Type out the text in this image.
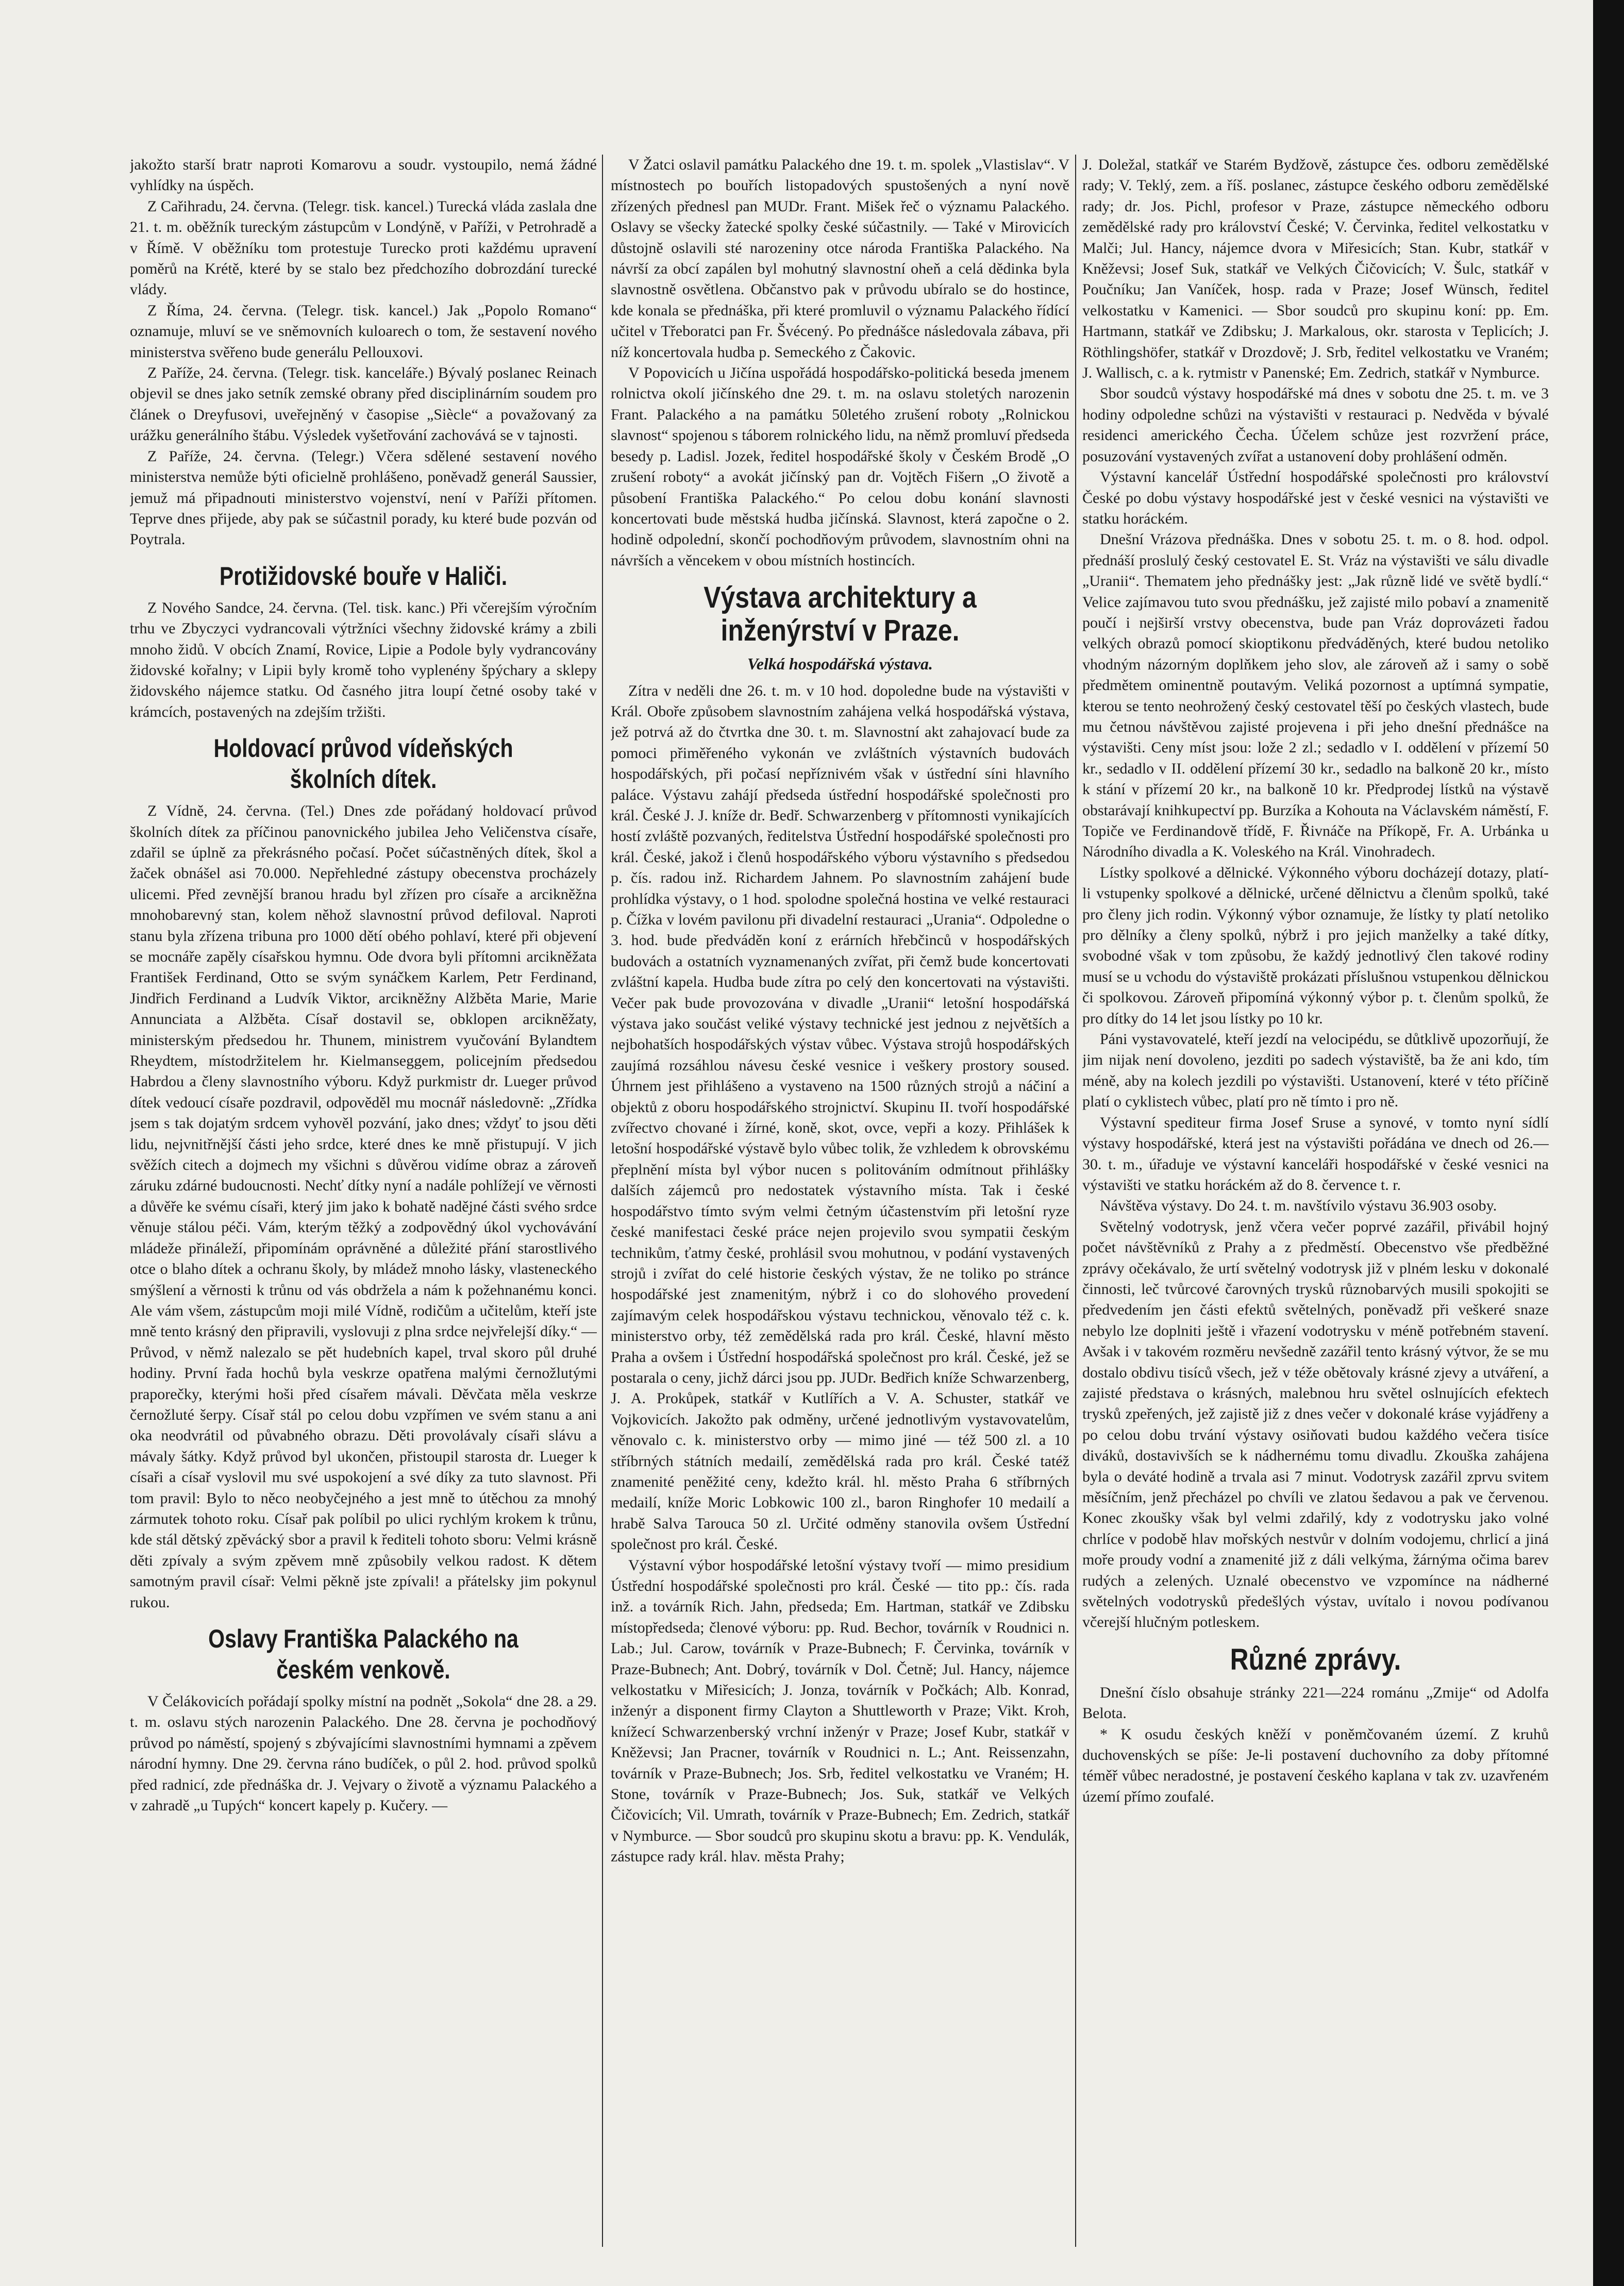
jakožto starší bratr naproti Komarovu a soudr. vystoupilo, nemá žádné vyhlídky na úspěch.

Z Cařihradu, 24. června. (Telegr. tisk. kancel.) Turecká vláda zaslala dne 21. t. m. oběžník tureckým zástupcům v Londýně, v Paříži, v Petrohradě a v Římě. V oběžníku tom protestuje Turecko proti každému upravení poměrů na Krétě, které by se stalo bez předchozího dobrozdání turecké vlády.

Z Říma, 24. června. (Telegr. tisk. kancel.) Jak „Popolo Romano“ oznamuje, mluví se ve sněmovních kuloarech o tom, že sestavení nového ministerstva svěřeno bude generálu Pellouxovi.

Z Paříže, 24. června. (Telegr. tisk. kanceláře.) Bývalý poslanec Reinach objevil se dnes jako setník zemské obrany před disciplinárním soudem pro článek o Dreyfusovi, uveřejněný v časopise „Siècle“ a považovaný za urážku generálního štábu. Výsledek vyšetřování zachovává se v tajnosti.

Z Paříže, 24. června. (Telegr.) Včera sdělené sestavení nového ministerstva nemůže býti oficielně prohlášeno, poněvadž generál Saussier, jemuž má připadnouti ministerstvo vojenství, není v Paříži přítomen. Teprve dnes přijede, aby pak se súčastnil porady, ku které bude pozván od Poytrala.

Protižidovské bouře v Haliči.

Z Nového Sandce, 24. června. (Tel. tisk. kanc.) Při včerejším výročním trhu ve Zbyczyci vydrancovali výtržníci všechny židovské krámy a zbili mnoho židů. V obcích Znamí, Rovice, Lipie a Podole byly vydrancovány židovské kořalny; v Lipii byly kromě toho vyplenény špýchary a sklepy židovského nájemce statku. Od časného jitra loupí četné osoby také v krámcích, postavených na zdejším tržišti.

Holdovací průvod vídeňských školních dítek.

Z Vídně, 24. června. (Tel.) Dnes zde pořádaný holdovací průvod školních dítek za příčinou panovnického jubilea Jeho Veličenstva císaře, zdařil se úplně za překrásného počasí. Počet súčastněných dítek, škol a žaček obnášel asi 70.000. Nepřehledné zástupy obecenstva procházely ulicemi. Před zevnější branou hradu byl zřízen pro císaře a arcikněžna mnohobarevný stan, kolem něhož slavnostní průvod defiloval. Naproti stanu byla zřízena tribuna pro 1000 dětí obého pohlaví, které při objevení se mocnáře zapěly císařskou hymnu. Ode dvora byli přítomni arcikněžata František Ferdinand, Otto se svým synáčkem Karlem, Petr Ferdinand, Jindřich Ferdinand a Ludvík Viktor, arcikněžny Alžběta Marie, Marie Annunciata a Alžběta. Císař dostavil se, obklopen arcikněžaty, ministerským předsedou hr. Thunem, ministrem vyučování Bylandtem Rheydtem, místodržitelem hr. Kielmanseggem, policejním předsedou Habrdou a členy slavnostního výboru. Když purkmistr dr. Lueger průvod dítek vedoucí císaře pozdravil, odpověděl mu mocnář následovně: „Zřídka jsem s tak dojatým srdcem vyhověl pozvání, jako dnes; vždyť to jsou děti lidu, nejvnitřnější části jeho srdce, které dnes ke mně přistupují. V jich svěžích citech a dojmech my všichni s důvěrou vidíme obraz a zároveň záruku zdárné budoucnosti. Nechť dítky nyní a nadále pohlížejí ve věrnosti a důvěře ke svému císaři, který jim jako k bohatě nadějné části svého srdce věnuje stálou péči. Vám, kterým těžký a zodpovědný úkol vychovávání mládeže přináleží, připomínám oprávněné a důležité přání starostlivého otce o blaho dítek a ochranu školy, by mládež mnoho lásky, vlasteneckého smýšlení a věrnosti k trůnu od vás obdržela a nám k požehnanému konci. Ale vám všem, zástupcům moji milé Vídně, rodičům a učitelům, kteří jste mně tento krásný den připravili, vyslovuji z plna srdce nejvřelejší díky.“ — Průvod, v němž nalezalo se pět hudebních kapel, trval skoro půl druhé hodiny. První řada hochů byla veskrze opatřena malými černožlutými praporečky, kterými hoši před císařem mávali. Děvčata měla veskrze černožluté šerpy. Císař stál po celou dobu vzpřímen ve svém stanu a ani oka neodvrátil od půvabného obrazu. Děti provolávaly císaři slávu a mávaly šátky. Když průvod byl ukončen, přistoupil starosta dr. Lueger k císaři a císař vyslovil mu své uspokojení a své díky za tuto slavnost. Při tom pravil: Bylo to něco neobyčejného a jest mně to útěchou za mnohý zármutek tohoto roku. Císař pak políbil po ulici rychlým krokem k trůnu, kde stál dětský zpěvácký sbor a pravil k řediteli tohoto sboru: Velmi krásně děti zpívaly a svým zpěvem mně způsobily velkou radost. K dětem samotným pravil císař: Velmi pěkně jste zpívali! a přátelsky jim pokynul rukou.

Oslavy Františka Palackého na českém venkově.

V Čelákovicích pořádají spolky místní na podnět „Sokola“ dne 28. a 29. t. m. oslavu stých narozenin Palackého. Dne 28. června je pochodňový průvod po náměstí, spojený s zbývajícími slavnostními hymnami a zpěvem národní hymny. Dne 29. června ráno budíček, o půl 2. hod. průvod spolků před radnicí, zde přednáška dr. J. Vejvary o životě a významu Palackého a v zahradě „u Tupých“ koncert kapely p. Kučery. —

V Žatci oslavil památku Palackého dne 19. t. m. spolek „Vlastislav“. V místnostech po bouřích listopadových spustošených a nyní nově zřízených přednesl pan MUDr. Frant. Mišek řeč o významu Palackého. Oslavy se všecky žatecké spolky české súčastnily. — Také v Mirovicích důstojně oslavili sté narozeniny otce národa Františka Palackého. Na návrší za obcí zapálen byl mohutný slavnostní oheň a celá dědinka byla slavnostně osvětlena. Občanstvo pak v průvodu ubíralo se do hostince, kde konala se přednáška, při které promluvil o významu Palackého řídící učitel v Třeboratci pan Fr. Švécený. Po přednášce následovala zábava, při níž koncertovala hudba p. Semeckého z Čakovic.

V Popovicích u Jičína uspořádá hospodářsko-politická beseda jmenem rolnictva okolí jičínského dne 29. t. m. na oslavu stoletých narozenin Frant. Palackého a na památku 50letého zrušení roboty „Rolnickou slavnost“ spojenou s táborem rolnického lidu, na němž promluví předseda besedy p. Ladisl. Jozek, ředitel hospodářské školy v Českém Brodě „O zrušení roboty“ a avokát jičínský pan dr. Vojtěch Fišern „O životě a působení Františka Palackého.“ Po celou dobu konání slavnosti koncertovati bude městská hudba jičínská. Slavnost, která započne o 2. hodině odpolední, skončí pochodňovým průvodem, slavnostním ohni na návrších a věncekem v obou místních hostincích.

Výstava architektury a inženýrství v Praze.
Velká hospodářská výstava.

Zítra v neděli dne 26. t. m. v 10 hod. dopoledne bude na výstavišti v Král. Oboře způsobem slavnostním zahájena velká hospodářská výstava, jež potrvá až do čtvrtka dne 30. t. m. Slavnostní akt zahajovací bude za pomoci přiměřeného vykonán ve zvláštních výstavních budovách hospodářských, při počasí nepříznivém však v ústřední síni hlavního paláce. Výstavu zahájí předseda ústřední hospodářské společnosti pro král. České J. J. kníže dr. Bedř. Schwarzenberg v přítomnosti vynikajících hostí zvláště pozvaných, ředitelstva Ústřední hospodářské společnosti pro král. České, jakož i členů hospodářského výboru výstavního s předsedou p. čís. radou inž. Richardem Jahnem. Po slavnostním zahájení bude prohlídka výstavy, o 1 hod. spolodne společná hostina ve velké restauraci p. Čížka v lovém pavilonu při divadelní restauraci „Urania“. Odpoledne o 3. hod. bude předváděn koní z erárních hřebčinců v hospodářských budovách a ostatních vyznamenaných zvířat, při čemž bude koncertovati zvláštní kapela. Hudba bude zítra po celý den koncertovati na výstavišti. Večer pak bude provozována v divadle „Uranii“ letošní hospodářská výstava jako součást veliké výstavy technické jest jednou z největších a nejbohatších hospodářských výstav vůbec. Výstava strojů hospodářských zaujímá rozsáhlou návesu české vesnice i veškery prostory soused. Úhrnem jest přihlášeno a vystaveno na 1500 různých strojů a náčiní a objektů z oboru hospodářského strojnictví. Skupinu II. tvoří hospodářské zvířectvo chované i žírné, koně, skot, ovce, vepři a kozy. Přihlášek k letošní hospodářské výstavě bylo vůbec tolik, že vzhledem k obrovskému přeplnění místa byl výbor nucen s politováním odmítnout přihlášky dalších zájemců pro nedostatek výstavního místa. Tak i české hospodářstvo tímto svým velmi četným účastenstvím při letošní ryze české manifestaci české práce nejen projevilo svou sympatii českým technikům, ťatmy české, prohlásil svou mohutnou, v podání vystavených strojů i zvířat do celé historie českých výstav, že ne toliko po stránce hospodářské jest znamenitým, nýbrž i co do slohového provedení zajímavým celek hospodářskou výstavu technickou, věnovalo též c. k. ministerstvo orby, též zemědělská rada pro král. České, hlavní město Praha a ovšem i Ústřední hospodářská společnost pro král. České, jež se postarala o ceny, jichž dárci jsou pp. JUDr. Bedřich kníže Schwarzenberg, J. A. Prokůpek, statkář v Kutlířích a V. A. Schuster, statkář ve Vojkovicích. Jakožto pak odměny, určené jednotlivým vystavovatelům, věnovalo c. k. ministerstvo orby — mimo jiné — též 500 zl. a 10 stříbrných státních medailí, zemědělská rada pro král. České tatéž znamenité peněžité ceny, kdežto král. hl. město Praha 6 stříbrných medailí, kníže Moric Lobkowic 100 zl., baron Ringhofer 10 medailí a hrabě Salva Tarouca 50 zl. Určité odměny stanovila ovšem Ústřední společnost pro král. České.

Výstavní výbor hospodářské letošní výstavy tvoří — mimo presidium Ústřední hospodářské společnosti pro král. České — tito pp.: čís. rada inž. a továrník Rich. Jahn, předseda; Em. Hartman, statkář ve Zdibsku místopředseda; členové výboru: pp. Rud. Bechor, továrník v Roudnici n. Lab.; Jul. Carow, továrník v Praze-Bubnech; F. Červinka, továrník v Praze-Bubnech; Ant. Dobrý, továrník v Dol. Četně; Jul. Hancy, nájemce velkostatku v Miřesicích; J. Jonza, továrník v Počkách; Alb. Konrad, inženýr a disponent firmy Clayton a Shuttleworth v Praze; Vikt. Kroh, knížecí Schwarzenberský vrchní inženýr v Praze; Josef Kubr, statkář v Kněževsi; Jan Pracner, továrník v Roudnici n. L.; Ant. Reissenzahn, továrník v Praze-Bubnech; Jos. Srb, ředitel velkostatku ve Vraném; H. Stone, továrník v Praze-Bubnech; Jos. Suk, statkář ve Velkých Čičovicích; Vil. Umrath, továrník v Praze-Bubnech; Em. Zedrich, statkář v Nymburce. — Sbor soudců pro skupinu skotu a bravu: pp. K. Vendulák, zástupce rady král. hlav. města Prahy;

J. Doležal, statkář ve Starém Bydžově, zástupce čes. odboru zemědělské rady; V. Teklý, zem. a říš. poslanec, zástupce českého odboru zemědělské rady; dr. Jos. Pichl, profesor v Praze, zástupce německého odboru zemědělské rady pro království České; V. Červinka, ředitel velkostatku v Malči; Jul. Hancy, nájemce dvora v Miřesicích; Stan. Kubr, statkář v Kněževsi; Josef Suk, statkář ve Velkých Čičovicích; V. Šulc, statkář v Poučníku; Jan Vaníček, hosp. rada v Praze; Josef Wünsch, ředitel velkostatku v Kamenici. — Sbor soudců pro skupinu koní: pp. Em. Hartmann, statkář ve Zdibsku; J. Markalous, okr. starosta v Teplicích; J. Röthlingshöfer, statkář v Drozdově; J. Srb, ředitel velkostatku ve Vraném; J. Wallisch, c. a k. rytmistr v Panenské; Em. Zedrich, statkář v Nymburce.

Sbor soudců výstavy hospodářské má dnes v sobotu dne 25. t. m. ve 3 hodiny odpoledne schůzi na výstavišti v restauraci p. Nedvěda v bývalé residenci amerického Čecha. Účelem schůze jest rozvržení práce, posuzování vystavených zvířat a ustanovení doby prohlášení odměn.

Výstavní kancelář Ústřední hospodářské společnosti pro království České po dobu výstavy hospodářské jest v české vesnici na výstavišti ve statku horáckém.

Dnešní Vrázova přednáška. Dnes v sobotu 25. t. m. o 8. hod. odpol. přednáší proslulý český cestovatel E. St. Vráz na výstavišti ve sálu divadle „Uranii“. Thematem jeho přednášky jest: „Jak různě lidé ve světě bydlí.“ Velice zajímavou tuto svou přednášku, jež zajisté milo pobaví a znamenitě poučí i nejširší vrstvy obecenstva, bude pan Vráz doprovázeti řadou velkých obrazů pomocí skioptikonu předváděných, které budou netoliko vhodným názorným doplňkem jeho slov, ale zároveň až i samy o sobě předmětem ominentně poutavým. Veliká pozornost a uptímná sympatie, kterou se tento neohrožený český cestovatel těší po českých vlastech, bude mu četnou návštěvou zajisté projevena i při jeho dnešní přednášce na výstavišti. Ceny míst jsou: lože 2 zl.; sedadlo v I. oddělení v přízemí 50 kr., sedadlo v II. oddělení přízemí 30 kr., sedadlo na balkoně 20 kr., místo k stání v přízemí 20 kr., na balkoně 10 kr. Předprodej lístků na výstavě obstarávají knihkupectví pp. Burzíka a Kohouta na Václavském náměstí, F. Topiče ve Ferdinandově třídě, F. Řivnáče na Příkopě, Fr. A. Urbánka u Národního divadla a K. Voleského na Král. Vinohradech.

Lístky spolkové a dělnické. Výkonného výboru docházejí dotazy, platí-li vstupenky spolkové a dělnické, určené dělnictvu a členům spolků, také pro členy jich rodin. Výkonný výbor oznamuje, že lístky ty platí netoliko pro dělníky a členy spolků, nýbrž i pro jejich manželky a také dítky, svobodné však v tom způsobu, že každý jednotlivý člen takové rodiny musí se u vchodu do výstaviště prokázati příslušnou vstupenkou dělnickou či spolkovou. Zároveň připomíná výkonný výbor p. t. členům spolků, že pro dítky do 14 let jsou lístky po 10 kr.

Páni vystavovatelé, kteří jezdí na velocipédu, se důtklivě upozorňují, že jim nijak není dovoleno, jezditi po sadech výstaviště, ba že ani kdo, tím méně, aby na kolech jezdili po výstavišti. Ustanovení, které v této příčině platí o cyklistech vůbec, platí pro ně tímto i pro ně.

Výstavní spediteur firma Josef Sruse a synové, v tomto nyní sídlí výstavy hospodářské, která jest na výstavišti pořádána ve dnech od 26.—30. t. m., úřaduje ve výstavní kanceláři hospodářské v české vesnici na výstavišti ve statku horáckém až do 8. července t. r.

Návštěva výstavy. Do 24. t. m. navštívilo výstavu 36.903 osoby.

Světelný vodotrysk, jenž včera večer poprvé zazářil, přivábil hojný počet návštěvníků z Prahy a z předměstí. Obecenstvo vše předběžné zprávy očekávalo, že urtí světelný vodotrysk již v plném lesku v dokonalé činnosti, leč tvůrcové čarovných trysků různobarvých musili spokojiti se předvedením jen části efektů světelných, poněvadž při veškeré snaze nebylo lze doplniti ještě i vřazení vodotrysku v méně potřebném stavení. Avšak i v takovém rozměru nevšedně zazářil tento krásný výtvor, že se mu dostalo obdivu tisíců všech, jež v téže obětovaly krásné zjevy a utváření, a zajisté představa o krásných, malebnou hru světel oslnujících efektech trysků zpeřených, jež zajistě již z dnes večer v dokonalé kráse vyjádřeny a po celou dobu trvání výstavy osiňovati budou každého večera tisíce diváků, dostavivších se k nádhernému tomu divadlu. Zkouška zahájena byla o deváté hodině a trvala asi 7 minut. Vodotrysk zazářil zprvu svitem měsíčním, jenž přecházel po chvíli ve zlatou šedavou a pak ve červenou. Konec zkoušky však byl velmi zdařilý, kdy z vodotrysku jako volné chrlíce v podobě hlav mořských nestvůr v dolním vodojemu, chrlicí a jiná moře proudy vodní a znamenité již z dáli velkýma, žárnýma očima barev rudých a zelených. Uznalé obecenstvo ve vzpomínce na nádherné světelných vodotrysků předešlých výstav, uvítalo i novou podívanou včerejší hlučným potleskem.

Různé zprávy.

Dnešní číslo obsahuje stránky 221—224 románu „Zmije“ od Adolfa Belota.

* K osudu českých kněží v poněmčovaném území. Z kruhů duchovenských se píše: Je-li postavení duchovního za doby přítomné téměř vůbec neradostné, je postavení českého kaplana v tak zv. uzavřeném území přímo zoufalé.
